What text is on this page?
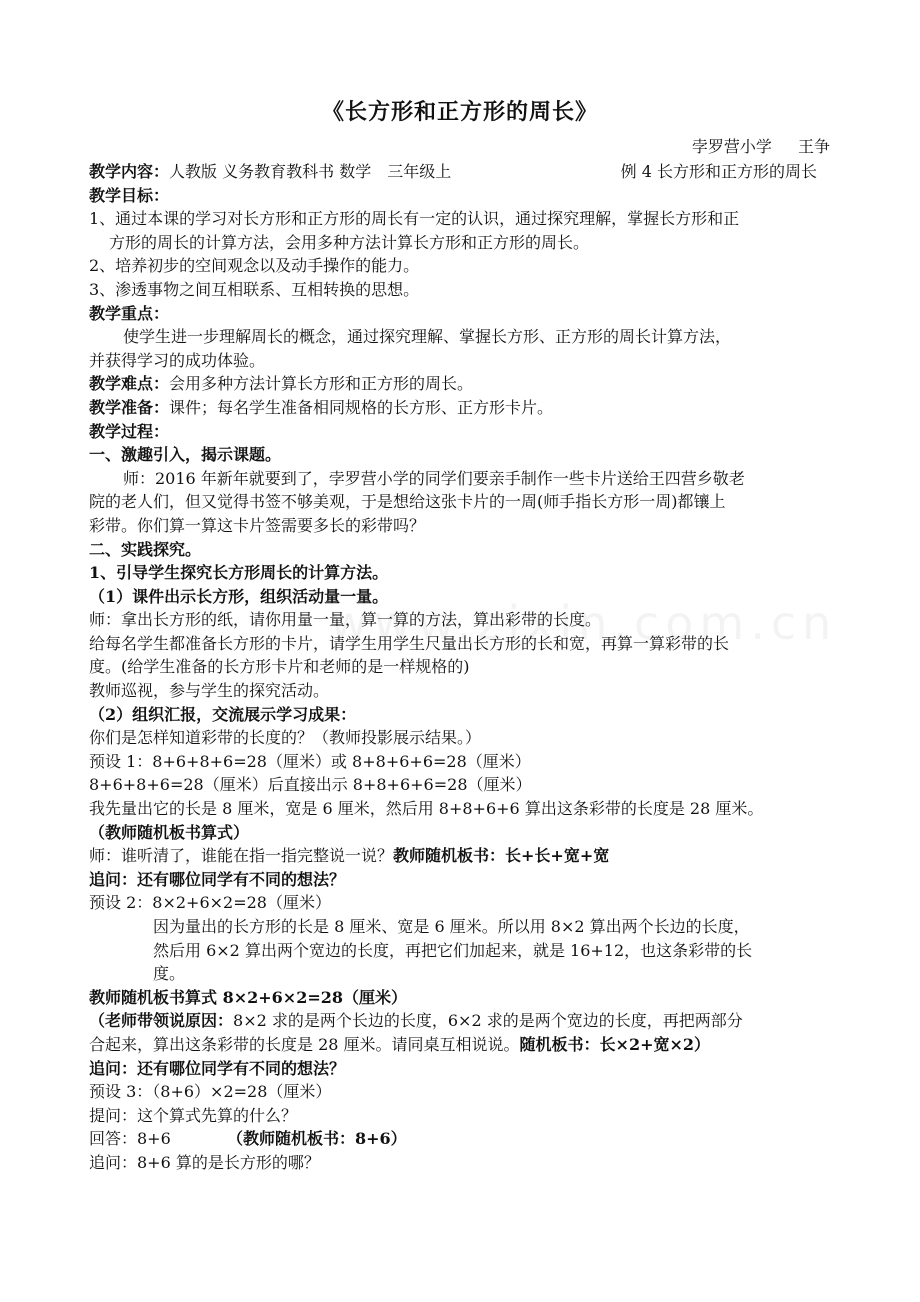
《长方形和正方形的周长》
孛罗营小学　  王争

教学内容：人教版 义务教育教科书 数学　三年级上	例 4 长方形和正方形的周长

教学目标：

1、通过本课的学习对长方形和正方形的周长有一定的认识，通过探究理解，掌握长方形和正

方形的周长的计算方法，会用多种方法计算长方形和正方形的周长。

2、培养初步的空间观念以及动手操作的能力。

3、渗透事物之间互相联系、互相转换的思想。

教学重点：

使学生进一步理解周长的概念，通过探究理解、掌握长方形、正方形的周长计算方法，

并获得学习的成功体验。

教学难点：会用多种方法计算长方形和正方形的周长。

教学准备：课件；每名学生准备相同规格的长方形、正方形卡片。

教学过程：

一、激趣引入，揭示课题。

师：2016 年新年就要到了，孛罗营小学的同学们要亲手制作一些卡片送给王四营乡敬老

院的老人们，但又觉得书签不够美观，于是想给这张卡片的一周(师手指长方形一周)都镶上

彩带。你们算一算这卡片签需要多长的彩带吗？

二、实践探究。

1、引导学生探究长方形周长的计算方法。

（1）课件出示长方形，组织活动量一量。

师：拿出长方形的纸，请你用量一量，算一算的方法，算出彩带的长度。

给每名学生都准备长方形的卡片，请学生用学生尺量出长方形的长和宽，再算一算彩带的长

度。(给学生准备的长方形卡片和老师的是一样规格的)

教师巡视，参与学生的探究活动。

（2）组织汇报，交流展示学习成果：

你们是怎样知道彩带的长度的？（教师投影展示结果。）

预设 1：8+6+8+6=28（厘米）或 8+8+6+6=28（厘米）

8+6+8+6=28（厘米）后直接出示 8+8+6+6=28（厘米）

我先量出它的长是 8 厘米，宽是 6 厘米，然后用 8+8+6+6 算出这条彩带的长度是 28 厘米。

（教师随机板书算式）

师：谁听清了，谁能在指一指完整说一说？教师随机板书：长+长+宽+宽

追问：还有哪位同学有不同的想法？

预设 2：8×2+6×2=28（厘米）

因为量出的长方形的长是 8 厘米、宽是 6 厘米。所以用 8×2 算出两个长边的长度，

然后用 6×2 算出两个宽边的长度，再把它们加起来，就是 16+12，也这条彩带的长

度。

教师随机板书算式 8×2+6×2=28（厘米）

（老师带领说原因：8×2 求的是两个长边的长度，6×2 求的是两个宽边的长度，再把两部分

合起来，算出这条彩带的长度是 28 厘米。请同桌互相说说。随机板书：长×2+宽×2）

追问：还有哪位同学有不同的想法？

预设 3：（8+6）×2=28（厘米）

提问：这个算式先算的什么？

回答：8+6	（教师随机板书：8+6）

追问：8+6 算的是长方形的哪？
